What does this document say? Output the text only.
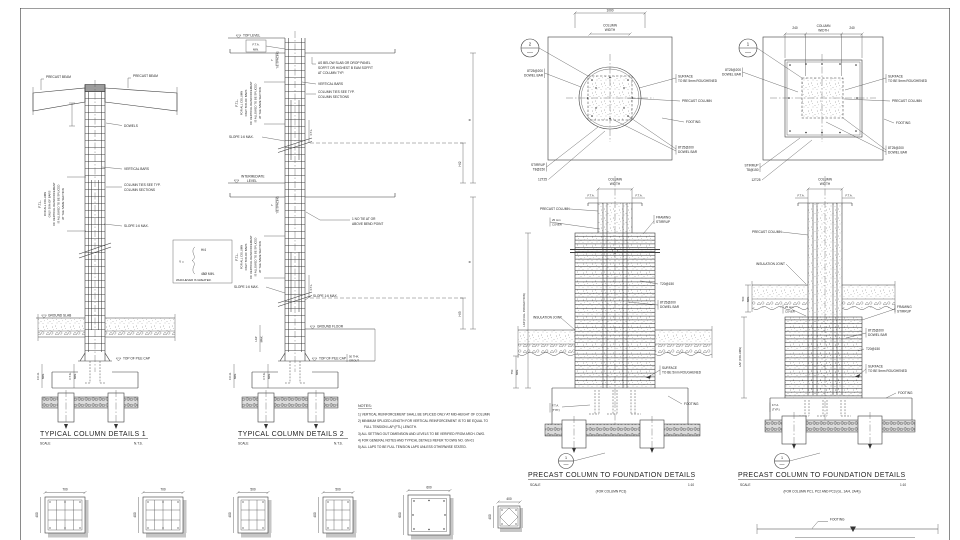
GROUND SLAB
TOP OF PILE CAP
F.C.A. MIN.	F.T.A. MIN.
F.T.L. FOR ALL COLUMN ONLY 50% OF BARS OF VERTICAL REINFORCEMENT IS ALLOWED TO BE SPLICED AT THE SAME SECTION
PRECAST BEAM	PRECAST BEAM
DOWELS
VERTICAL BARS
COLUMN TIES SEE TYP.
COLUMN SECTIONS
SLOPE 1:6 MAX.
TYPICAL COLUMN DETAILS 1
SCALE	N.T.S.
TOP LEVEL
INTERMEDIATE
LEVEL
F.T.A.
MIN.
Y TIE SPACING
Y TIE SPACING
LAP MAX.
AS BELOW SLAB OR DROP PANEL
SOFFIT OR HIGHEST B EAM SOFFIT
AT COLUMN TYP.
VERTICAL BARS
COLUMN TIES SEE TYP.
COLUMN SECTIONS
SLOPE 1:6 MAX.
1 NO TIE AT OR
ABOVE BEND POINT
SLOPE 1:6 MAX.
SLOPE 1:6 MAX.
F.T.L.
F.T.L.
H
H/2
H
H/3
F.T.L. FOR ALL COLUMN ONLY 50% OF BARS OF VERTICAL REINFORCEMENT IS ALLOWED TO BE SPLICED AT THE SAME SECTION
F.T.L. FOR ALL COLUMN ONLY 50% OF BARS OF VERTICAL REINFORCEMENT IS ALLOWED TO BE SPLICED AT THE SAME SECTION
Y =
H/4
48Ø MIN.
WHICHEVER IS GREATER.
GROUND FLOOR
TOP OF PILE CAP 50 THK.
GROUT
F.C.A. MIN.	F.T.A. MIN.
TYPICAL COLUMN DETAILS 2
SCALE	N.T.S.
NOTES:
1) VERTICAL REINFORCEMENT SHALL BE SPLICED ONLY AT MID-HEIGHT OF COLUMN
2) MINIMUM SPLICED LENGTH FOR VERTICAL REINFORCEMENT IS TO BE EQUAL TO
FULL TENSION LAP (FTL) LENGTH.
3) ALL SETTING OUT DIMENSION AND LEVELS TO BE VERIFIED FROM ARCH. DWG.
4) FOR GENERAL NOTES AND TYPICAL DETAILS REFER TO DWG NO. GN-01
5) ALL LAPS TO BE FULL TENSION LAPS UNLESS OTHERWISE STATED.
1000
COLUMN
WIDTH
2
8T25@200
DOWEL BAR	SURFACE
TO BE 5mm ROUGHENED
PRECAST COLUMN
FOOTING
8T25@200
DOWEL BAR
STIRRUP
T8@150
12T25
240	COLUMN
WIDTH
240
1
8T25@200
DOWEL BAR	SURFACE
TO BE 5mm ROUGHENED
PRECAST COLUMN
FOOTING
8T25@200
DOWEL BAR
STIRRUP
T8@150
12T25
COLUMN
WIDTH
F.T.A.	F.T.A.
PRECAST COLUMN
25 mm
COVER
LAP (FULL PROJECTION) INSULATION JOINT
750 MIN.
FRAMING
STIRRUP
T20@150
8T25@200
DOWEL BAR
SURFACE
TO BE 5mm ROUGHENED
F.T.A.
(TYP.)
FOOTING
1
PRECAST COLUMN TO FOUNDATION DETAILS
SCALE	1:10
(FOR COLUMN PC3)
COLUMN
WIDTH
F.T.A.	F.T.A.
PRECAST COLUMN
INSULATION JOINT
500 MIN.
LAP (COLUMN)
COVER
FRAMING
STIRRUP
8T25@200
DOWEL BAR
T20@150
SURFACE
TO BE 5mm ROUGHENED
F.T.A.
(TYP.)
FOOTING
1
PRECAST COLUMN TO FOUNDATION DETAILS
SCALE	1:10
(FOR COLUMN PC1, PC2 AND PC3 (GL. 1A/4, 2A/4))
700
400
700
400
500
400
500
400
600
600
400
400	FOOTING
